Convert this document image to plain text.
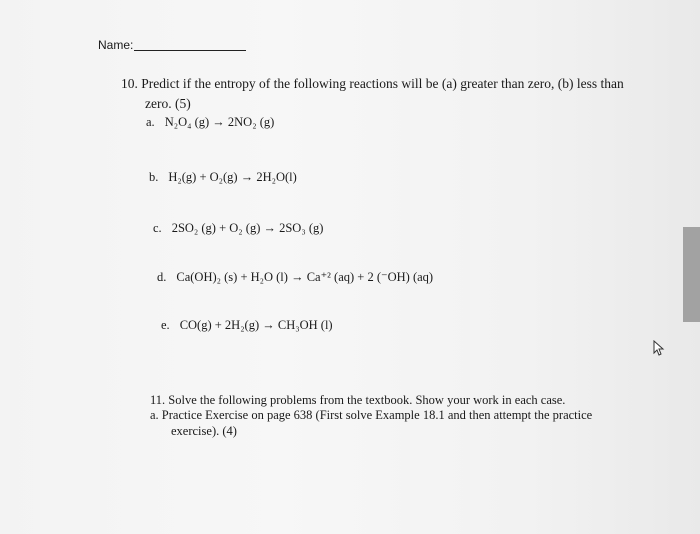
Name:
10. Predict if the entropy of the following reactions will be (a) greater than zero, (b) less than
zero. (5)
a. N₂O₄ (g) → 2NO₂ (g)
b. H₂(g) + O₂(g) → 2H₂O(l)
c. 2SO₂ (g) + O₂ (g) → 2SO₃ (g)
d. Ca(OH)₂ (s) + H₂O (l) → Ca⁺² (aq) + 2 (⁻OH) (aq)
e. CO(g) + 2H₂(g) → CH₃OH (l)
11. Solve the following problems from the textbook. Show your work in each case.
a. Practice Exercise on page 638 (First solve Example 18.1 and then attempt the practice
exercise). (4)
